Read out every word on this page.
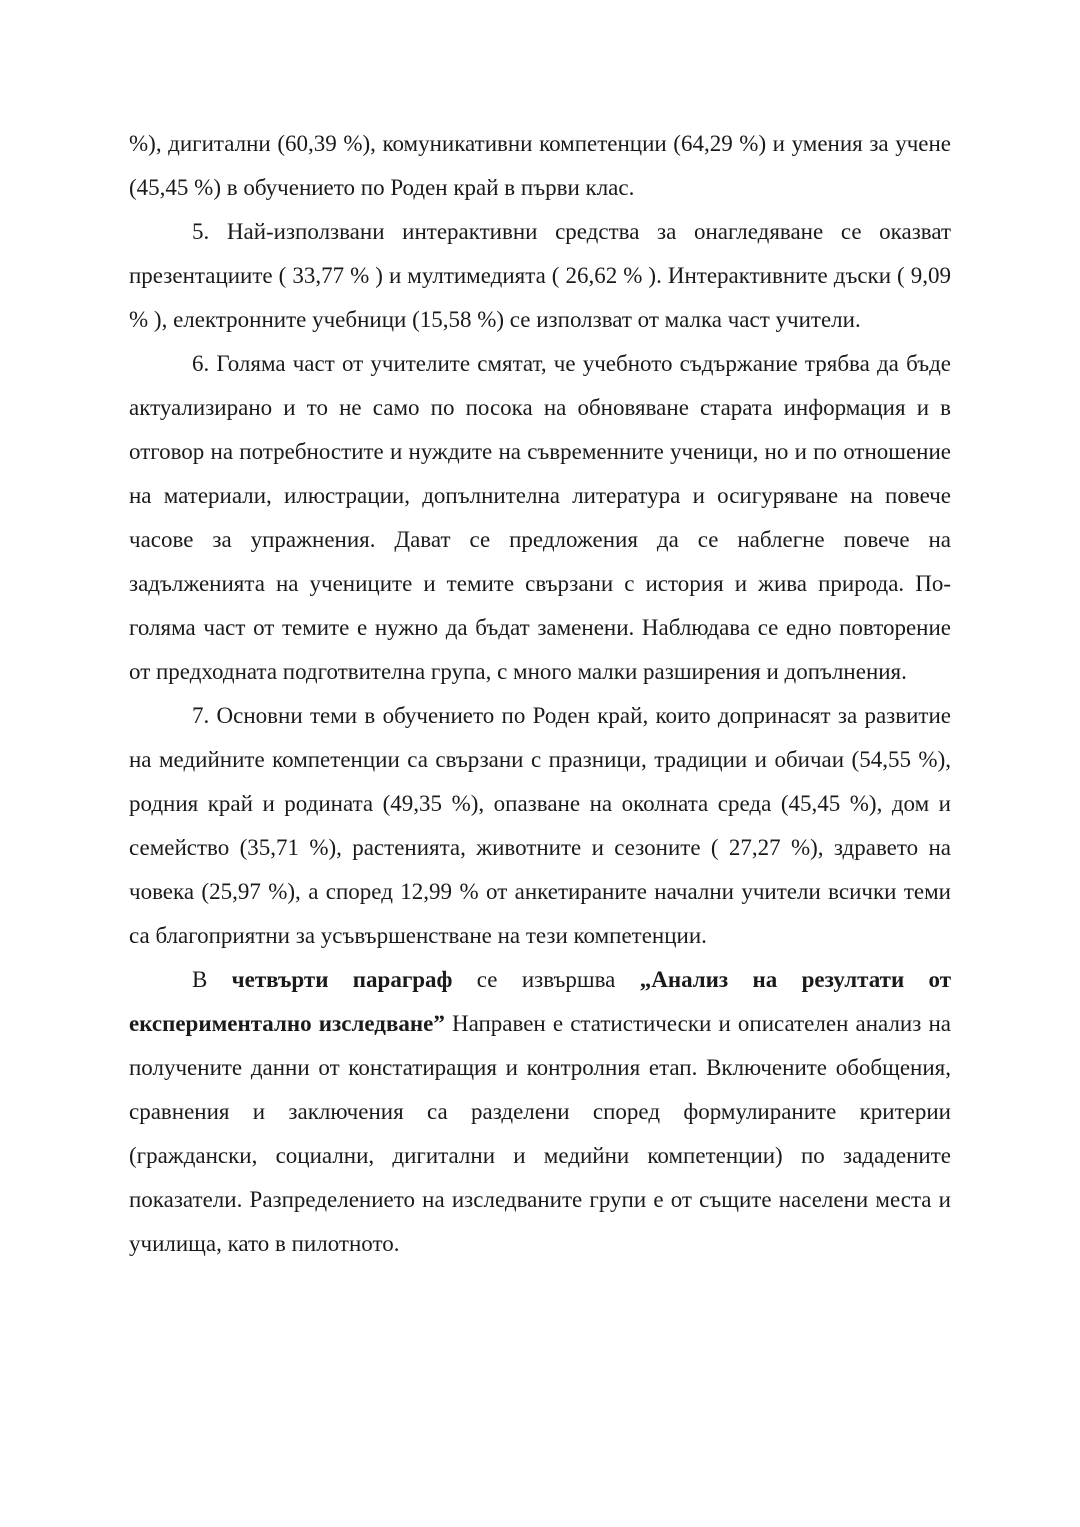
%), дигитални (60,39 %), комуникативни компетенции (64,29 %) и умения за учене (45,45 %) в обучението по Роден край в първи клас.

5. Най-използвани интерактивни средства за онагледяване се оказват презентациите ( 33,77 % ) и мултимедията ( 26,62 % ). Интерактивните дъски ( 9,09 % ), електронните учебници (15,58 %) се използват от малка част учители.

6. Голяма част от учителите смятат, че учебното съдържание трябва да бъде актуализирано и то не само по посока на обновяване старата информация и в отговор на потребностите и нуждите на съвременните ученици, но и по отношение на материали, илюстрации, допълнителна литература и осигуряване на повече часове за упражнения. Дават се предложения да се наблегне повече на задълженията на учениците и темите свързани с история и жива природа. По-голяма част от темите е нужно да бъдат заменени. Наблюдава се едно повторение от предходната подготвителна група, с много малки разширения и допълнения.

7. Основни теми в обучението по Роден край, които допринасят за развитие на медийните компетенции са свързани с празници, традиции и обичаи (54,55 %), родния край и родината (49,35 %), опазване на околната среда (45,45 %), дом и семейство (35,71 %), растенията, животните и сезоните ( 27,27 %), здравето на човека (25,97 %), а според 12,99 % от анкетираните начални учители всички теми са благоприятни за усъвършенстване на тези компетенции.

В четвърти параграф се извършва „Анализ на резултати от експериментално изследване” Направен е статистически и описателен анализ на получените данни от констатиращия и контролния етап. Включените обобщения, сравнения и заключения са разделени според формулираните критерии (граждански, социални, дигитални и медийни компетенции) по зададените показатели. Разпределението на изследваните групи е от същите населени места и училища, като в пилотното.
